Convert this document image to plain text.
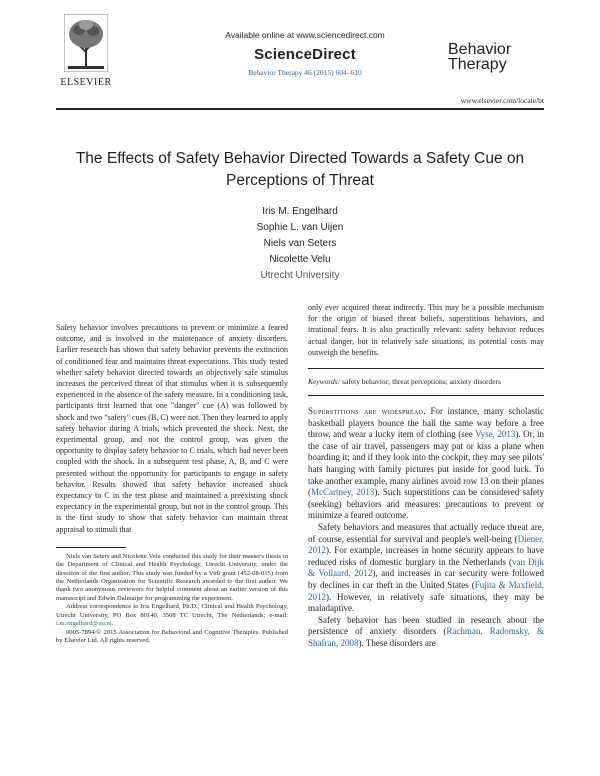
ELSEVIER
Available online at www.sciencedirect.com
ScienceDirect
Behavior Therapy 46 (2015) 604–610
Behavior
Therapy
www.elsevier.com/locate/bt
The Effects of Safety Behavior Directed Towards a Safety Cue on
Perceptions of Threat
Iris M. Engelhard
Sophie L. van Uijen
Niels van Seters
Nicolette Velu
Utrecht University

Safety behavior involves precautions to prevent or minimize a feared outcome, and is involved in the maintenance of anxiety disorders. Earlier research has shown that safety behavior prevents the extinction of conditioned fear and maintains threat expectations. This study tested whether safety behavior directed towards an objectively safe stimulus increases the perceived threat of that stimulus when it is subsequently experienced in the absence of the safety measure. In a conditioning task, participants first learned that one "danger" cue (A) was followed by shock and two "safety" cues (B, C) were not. Then they learned to apply safety behavior during A trials, which prevented the shock. Next, the experimental group, and not the control group, was given the opportunity to display safety behavior to C trials, which had never been coupled with the shock. In a subsequent test phase, A, B, and C were presented without the opportunity for participants to engage in safety behavior. Results showed that safety behavior increased shock expectancy to C in the test phase and maintained a preexisting shock expectancy in the experimental group, but not in the control group. This is the first study to show that safety behavior can maintain threat appraisal to stimuli that

Niels van Seters and Nicolette Velu conducted this study for their master's thesis in the Department of Clinical and Health Psychology, Utrecht University, under the direction of the first author. This study was funded by a Vidi grant (452-08-015) from the Netherlands Organization for Scientific Research awarded to the first author. We thank two anonymous reviewers for helpful comment about an earlier version of this manuscript and Edwin Dalmaijer for programming the experiment.

Address correspondence to Iris Engelhard, Ph.D., Clinical and Health Psychology, Utrecht University, PO Box 80140, 3508 TC Utrecht, The Netherlands; e-mail: i.m.engelhard@uu.nl.

0005-7894/© 2015 Association for Behavioral and Cognitive Therapies. Published by Elsevier Ltd. All rights reserved.

only ever acquired threat indirectly. This may be a possible mechanism for the origin of biased threat beliefs, superstitious behaviors, and irrational fears. It is also practically relevant: safety behavior reduces actual danger, but in relatively safe situations, its potential costs may outweigh the benefits.

Keywords: safety behavior; threat perceptions; anxiety disorders

Superstitions are widespread. For instance, many scholastic basketball players bounce the ball the same way before a free throw, and wear a lucky item of clothing (see Vyse, 2013). Or, in the case of air travel, passengers may pat or kiss a plane when boarding it; and if they look into the cockpit, they may see pilots' hats hanging with family pictures put inside for good luck. To take another example, many airlines avoid row 13 on their planes (McCartney, 2013). Such superstitions can be considered safety (seeking) behaviors and measures: precautions to prevent or minimize a feared outcome.

Safety behaviors and measures that actually reduce threat are, of course, essential for survival and people's well-being (Diener, 2012). For example, increases in home security appears to have reduced risks of domestic burglary in the Netherlands (van Dijk & Vollaard, 2012), and increases in car security were followed by declines in car theft in the United States (Fujita & Maxfield, 2012). However, in relatively safe situations, they may be maladaptive.

Safety behavior has been studied in research about the persistence of anxiety disorders (Rachman, Radomsky, & Shafran, 2008). These disorders are
